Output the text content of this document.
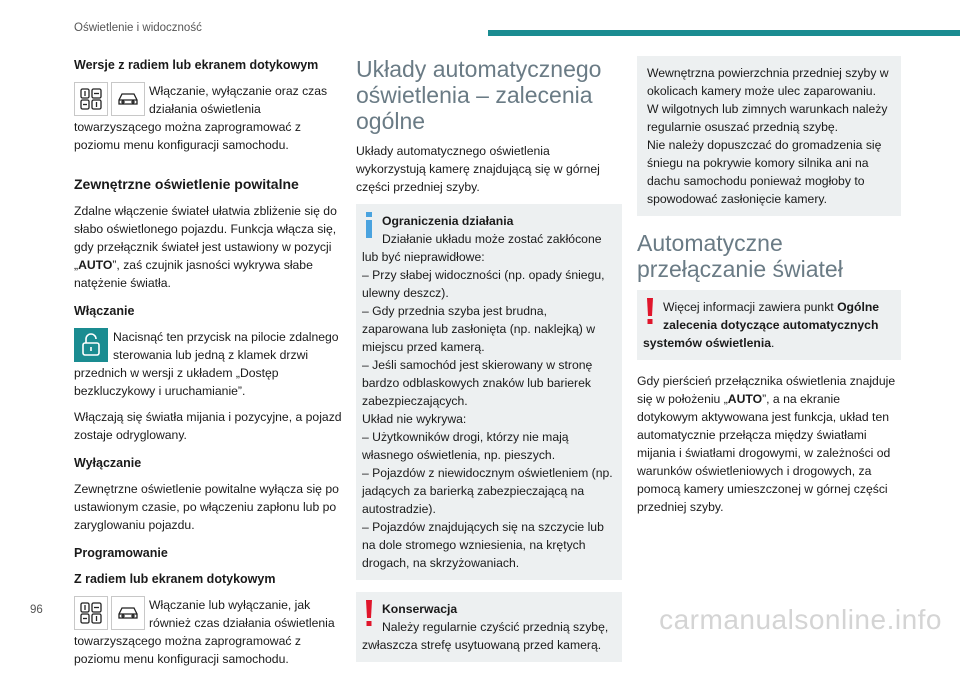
Oświetlenie i widoczność
Wersje z radiem lub ekranem dotykowym

Włączanie, wyłączanie oraz czas działania oświetlenia towarzyszącego można zaprogramować z poziomu menu konfiguracji samochodu.

Zewnętrzne oświetlenie powitalne

Zdalne włączenie świateł ułatwia zbliżenie się do słabo oświetlonego pojazdu. Funkcja włącza się, gdy przełącznik świateł jest ustawiony w pozycji „AUTO”, zaś czujnik jasności wykrywa słabe natężenie światła.

Włączanie

Nacisnąć ten przycisk na pilocie zdalnego sterowania lub jedną z klamek drzwi przednich w wersji z układem „Dostęp bezkluczykowy i uruchamianie”.

Włączają się światła mijania i pozycyjne, a pojazd zostaje odryglowany.

Wyłączanie

Zewnętrzne oświetlenie powitalne wyłącza się po ustawionym czasie, po włączeniu zapłonu lub po zaryglowaniu pojazdu.

Programowanie
Z radiem lub ekranem dotykowym

Włączanie lub wyłączanie, jak również czas działania oświetlenia towarzyszącego można zaprogramować z poziomu menu konfiguracji samochodu.

Układy automatycznego oświetlenia – zalecenia ogólne

Układy automatycznego oświetlenia wykorzystują kamerę znajdującą się w górnej części przedniej szyby.

Ograniczenia działania
Działanie układu może zostać zakłócone lub być nieprawidłowe:
– Przy słabej widoczności (np. opady śniegu, ulewny deszcz).
– Gdy przednia szyba jest brudna, zaparowana lub zasłonięta (np. naklejką) w miejscu przed kamerą.
– Jeśli samochód jest skierowany w stronę bardzo odblaskowych znaków lub barierek zabezpieczających.
Układ nie wykrywa:
– Użytkowników drogi, którzy nie mają własnego oświetlenia, np. pieszych.
– Pojazdów z niewidocznym oświetleniem (np. jadących za barierką zabezpieczającą na autostradzie).
– Pojazdów znajdujących się na szczycie lub na dole stromego wzniesienia, na krętych drogach, na skrzyżowaniach.
Konserwacja
Należy regularnie czyścić przednią szybę, zwłaszcza strefę usytuowaną przed kamerą.
Wewnętrzna powierzchnia przedniej szyby w okolicach kamery może ulec zaparowaniu.
W wilgotnych lub zimnych warunkach należy regularnie osuszać przednią szybę.
Nie należy dopuszczać do gromadzenia się śniegu na pokrywie komory silnika ani na dachu samochodu ponieważ mogłoby to spowodować zasłonięcie kamery.
Automatyczne przełączanie świateł
Więcej informacji zawiera punkt Ogólne zalecenia dotyczące automatycznych systemów oświetlenia.

Gdy pierścień przełącznika oświetlenia znajduje się w położeniu „AUTO”, a na ekranie dotykowym aktywowana jest funkcja, układ ten automatycznie przełącza między światłami mijania i światłami drogowymi, w zależności od warunków oświetleniowych i drogowych, za pomocą kamery umieszczonej w górnej części przedniej szyby.

96	carmanualsonline.info
